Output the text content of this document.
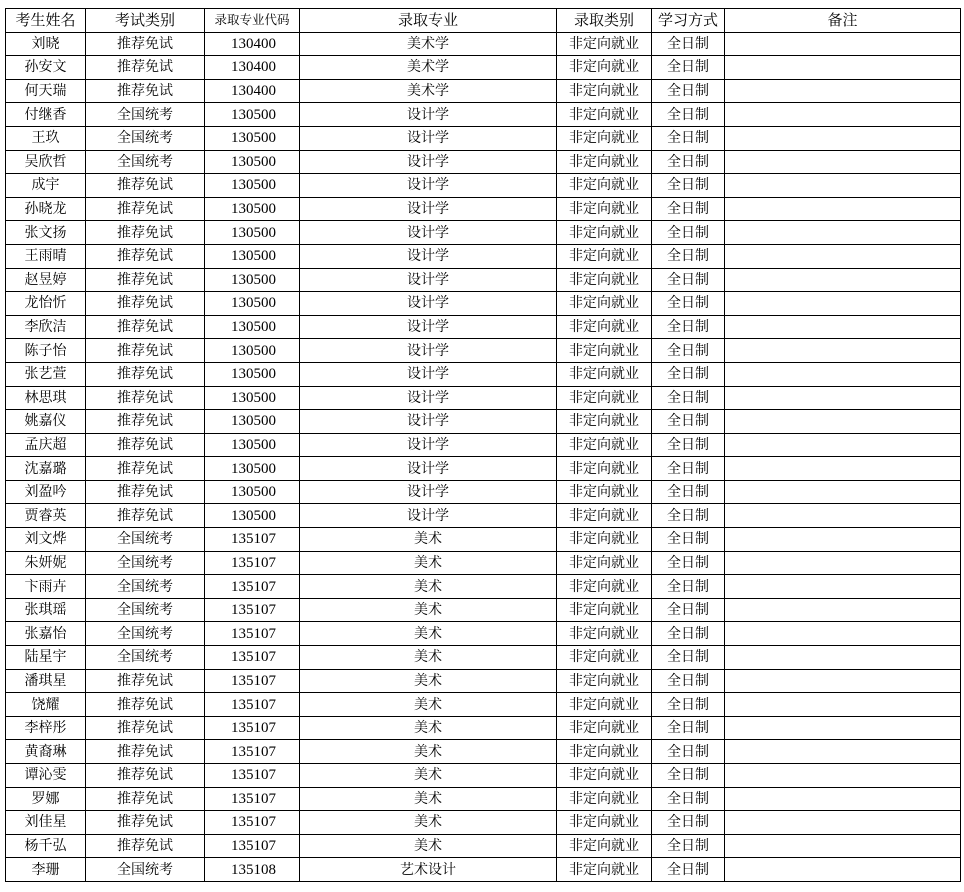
考生姓名	考试类别	录取专业代码	录取专业	录取类别	学习方式	备注
刘晓	推荐免试	130400	美术学	非定向就业	全日制	
孙安文	推荐免试	130400	美术学	非定向就业	全日制	
何天瑞	推荐免试	130400	美术学	非定向就业	全日制	
付继香	全国统考	130500	设计学	非定向就业	全日制	
王玖	全国统考	130500	设计学	非定向就业	全日制	
吴欣哲	全国统考	130500	设计学	非定向就业	全日制	
成宇	推荐免试	130500	设计学	非定向就业	全日制	
孙晓龙	推荐免试	130500	设计学	非定向就业	全日制	
张文扬	推荐免试	130500	设计学	非定向就业	全日制	
王雨晴	推荐免试	130500	设计学	非定向就业	全日制	
赵昱婷	推荐免试	130500	设计学	非定向就业	全日制	
龙怡忻	推荐免试	130500	设计学	非定向就业	全日制	
李欣洁	推荐免试	130500	设计学	非定向就业	全日制	
陈子怡	推荐免试	130500	设计学	非定向就业	全日制	
张艺萱	推荐免试	130500	设计学	非定向就业	全日制	
林思琪	推荐免试	130500	设计学	非定向就业	全日制	
姚嘉仪	推荐免试	130500	设计学	非定向就业	全日制	
孟庆超	推荐免试	130500	设计学	非定向就业	全日制	
沈嘉璐	推荐免试	130500	设计学	非定向就业	全日制	
刘盈吟	推荐免试	130500	设计学	非定向就业	全日制	
贾睿英	推荐免试	130500	设计学	非定向就业	全日制	
刘文烨	全国统考	135107	美术	非定向就业	全日制	
朱妍妮	全国统考	135107	美术	非定向就业	全日制	
卞雨卉	全国统考	135107	美术	非定向就业	全日制	
张琪瑶	全国统考	135107	美术	非定向就业	全日制	
张嘉怡	全国统考	135107	美术	非定向就业	全日制	
陆星宇	全国统考	135107	美术	非定向就业	全日制	
潘琪星	推荐免试	135107	美术	非定向就业	全日制	
饶耀	推荐免试	135107	美术	非定向就业	全日制	
李梓彤	推荐免试	135107	美术	非定向就业	全日制	
黄裔琳	推荐免试	135107	美术	非定向就业	全日制	
谭沁雯	推荐免试	135107	美术	非定向就业	全日制	
罗娜	推荐免试	135107	美术	非定向就业	全日制	
刘佳星	推荐免试	135107	美术	非定向就业	全日制	
杨千弘	推荐免试	135107	美术	非定向就业	全日制	
李珊	全国统考	135108	艺术设计	非定向就业	全日制	
